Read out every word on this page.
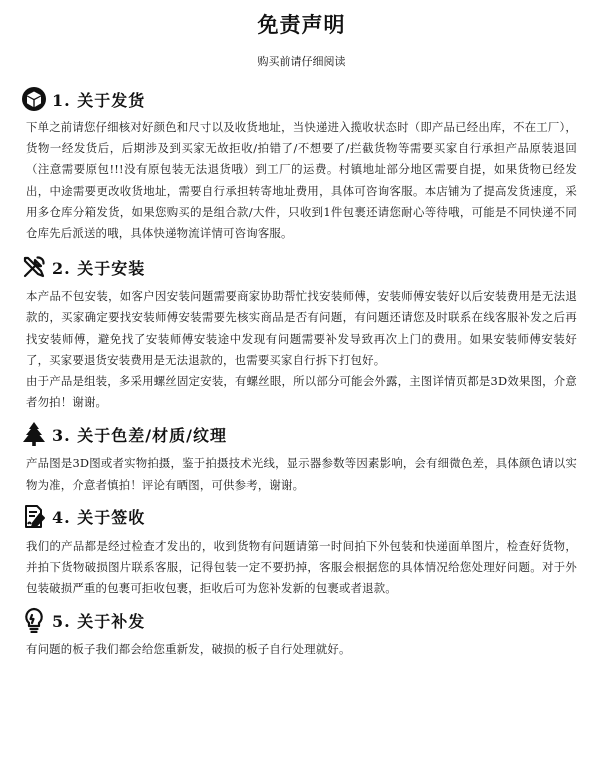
免责声明
购买前请仔细阅读
1. 关于发货

下单之前请您仔细核对好颜色和尺寸以及收货地址，当快递进入揽收状态时（即产品已经出库，不在工厂），货物一经发货后，后期涉及到买家无故拒收/拍错了/不想要了/拦截货物等需要买家自行承担产品原装退回（注意需要原包!!!没有原包装无法退货哦）到工厂的运费。村镇地址部分地区需要自提，如果货物已经发出，中途需要更改收货地址，需要自行承担转寄地址费用，具体可咨询客服。本店铺为了提高发货速度，采用多仓库分箱发货，如果您购买的是组合款/大件，只收到1件包裹还请您耐心等待哦，可能是不同快递不同仓库先后派送的哦，具体快递物流详情可咨询客服。

2. 关于安装

本产品不包安装，如客户因安装问题需要商家协助帮忙找安装师傅，安装师傅安装好以后安装费用是无法退款的，买家确定要找安装师傅安装需要先核实商品是否有问题，有问题还请您及时联系在线客服补发之后再找安装师傅，避免找了安装师傅安装途中发现有问题需要补发导致再次上门的费用。如果安装师傅安装好了，买家要退货安装费用是无法退款的，也需要买家自行拆下打包好。

由于产品是组装，多采用螺丝固定安装，有螺丝眼，所以部分可能会外露，主图详情页都是3D效果图，介意者勿拍！谢谢。

3. 关于色差/材质/纹理

产品图是3D图或者实物拍摄，鉴于拍摄技术光线，显示器参数等因素影响，会有细微色差，具体颜色请以实物为准，介意者慎拍！评论有晒图，可供参考，谢谢。

4. 关于签收

我们的产品都是经过检查才发出的，收到货物有问题请第一时间拍下外包装和快递面单图片，检查好货物，并拍下货物破损图片联系客服，记得包装一定不要扔掉，客服会根据您的具体情况给您处理好问题。对于外包装破损严重的包裹可拒收包裹，拒收后可为您补发新的包裹或者退款。

5. 关于补发

有问题的板子我们都会给您重新发，破损的板子自行处理就好。
